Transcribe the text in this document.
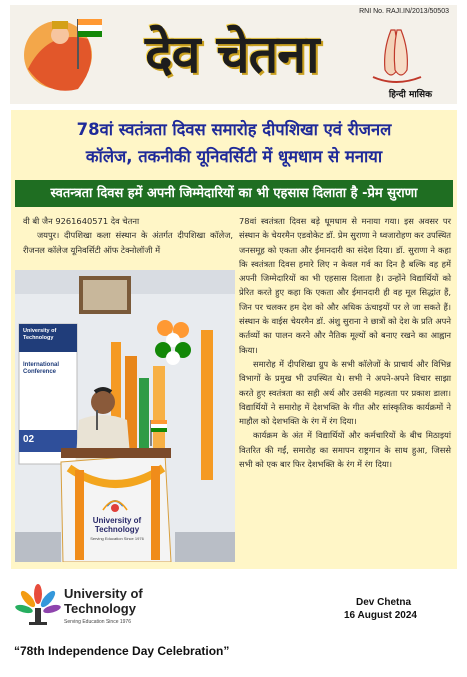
RNI No. RAJI.IN/2013/50503
देव चेतना
हिन्दी मासिक
78वां स्वतंत्रता दिवस समारोह दीपशिखा एवं रीजनल
कॉलेज, तकनीकी यूनिवर्सिटी में धूमधाम से मनाया
स्वतन्त्रता दिवस हमें अपनी जिम्मेदारियों का भी एहसास दिलाता है -प्रेम सुराणा

वी बी जैन 9261640571 देव चेतना

जयपुर। दीपशिखा कला संस्थान के अंतर्गत दीपशिखा कॉलेज, रीजनल कॉलेज यूनिवर्सिटी ऑफ टेक्नोलॉजी में

University of Technology
International Conference
02
University of
Technology
Serving Education Since 1976

78वां स्वतंत्रता दिवस बड़े धूमधाम से मनाया गया। इस अवसर पर संस्थान के चेयरमैन एडवोकेट डॉ. प्रेम सुराणा ने ध्वजारोहण कर उपस्थित जनसमूह को एकता और ईमानदारी का संदेश दिया। डॉ. सुराणा ने कहा कि स्वतंत्रता दिवस हमारे लिए न केवल गर्व का दिन है बल्कि वह हमें अपनी जिम्मेदारियों का भी एहसास दिलाता है। उन्होंने विद्यार्थियों को प्रेरित करते हुए कहा कि एकता और ईमानदारी ही वह मूल सिद्धांत हैं, जिन पर चलकर हम देश को और अधिक ऊंचाइयों पर ले जा सकते हैं। संस्थान के वाईस चेयरमैन डॉ. अंशु सुराना ने छात्रों को देश के प्रति अपने कर्तव्यों का पालन करने और नैतिक मूल्यों को बनाए रखने का आह्वान किया।

समारोह में दीपशिखा ग्रुप के सभी कॉलेजों के प्राचार्य और विभिन्न विभागों के प्रमुख भी उपस्थित थे। सभी ने अपने-अपने विचार साझा करते हुए स्वतंत्रता का सही अर्थ और उसकी महत्वता पर प्रकाश डाला। विद्यार्थियों ने समारोह में देशभक्ति के गीत और सांस्कृतिक कार्यक्रमों ने माहौल को देशभक्ति के रंग में रंग दिया।

कार्यक्रम के अंत में विद्यार्थियों और कर्मचारियों के बीच मिठाइयां वितरित की गईं, समारोह का समापन राष्ट्रगान के साथ हुआ, जिससे सभी को एक बार फिर देशभक्ति के रंग में रंग दिया।

University of
Technology
Serving Education Since 1976
Dev Chetna
16 August 2024
“78th Independence Day Celebration”
